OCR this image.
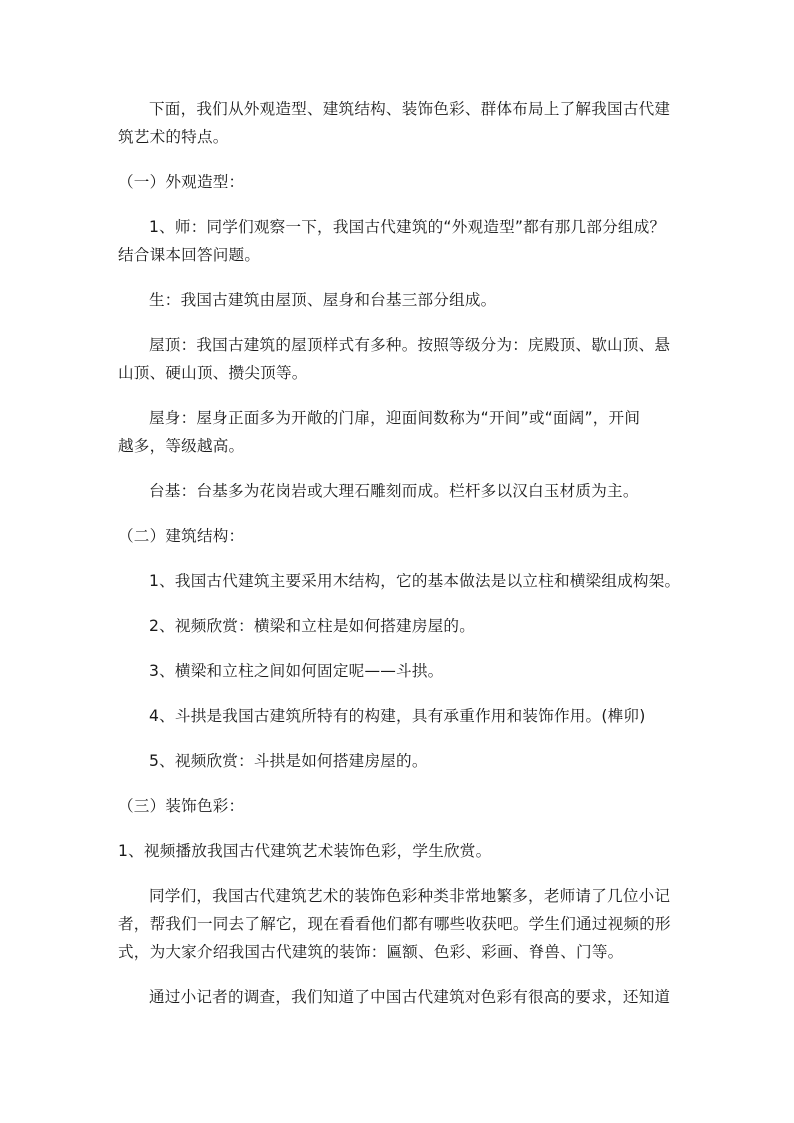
下面，我们从外观造型、建筑结构、装饰色彩、群体布局上了解我国古代建
筑艺术的特点。
（一）外观造型：
1、师：同学们观察一下，我国古代建筑的“外观造型”都有那几部分组成？
结合课本回答问题。
生：我国古建筑由屋顶、屋身和台基三部分组成。
屋顶：我国古建筑的屋顶样式有多种。按照等级分为：庑殿顶、歇山顶、悬
山顶、硬山顶、攒尖顶等。
屋身：屋身正面多为开敞的门扉，迎面间数称为“开间”或“面阔”，开间
越多，等级越高。
台基：台基多为花岗岩或大理石雕刻而成。栏杆多以汉白玉材质为主。
（二）建筑结构：
1、我国古代建筑主要采用木结构，它的基本做法是以立柱和横梁组成构架。
2、视频欣赏：横梁和立柱是如何搭建房屋的。
3、横梁和立柱之间如何固定呢——斗拱。
4、斗拱是我国古建筑所特有的构建，具有承重作用和装饰作用。(榫卯)
5、视频欣赏：斗拱是如何搭建房屋的。
（三）装饰色彩：
1、视频播放我国古代建筑艺术装饰色彩，学生欣赏。
同学们，我国古代建筑艺术的装饰色彩种类非常地繁多，老师请了几位小记
者，帮我们一同去了解它，现在看看他们都有哪些收获吧。学生们通过视频的形
式，为大家介绍我国古代建筑的装饰：匾额、色彩、彩画、脊兽、门等。
通过小记者的调查，我们知道了中国古代建筑对色彩有很高的要求，还知道
